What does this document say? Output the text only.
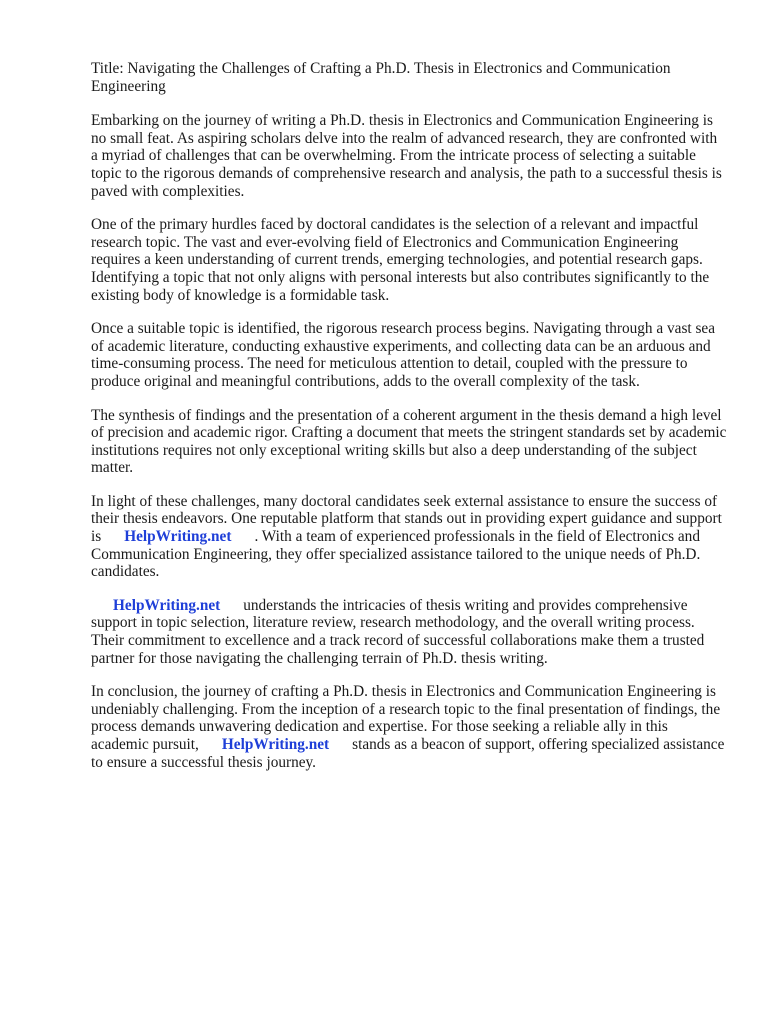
Title: Navigating the Challenges of Crafting a Ph.D. Thesis in Electronics and Communication Engineering

Embarking on the journey of writing a Ph.D. thesis in Electronics and Communication Engineering is no small feat. As aspiring scholars delve into the realm of advanced research, they are confronted with a myriad of challenges that can be overwhelming. From the intricate process of selecting a suitable topic to the rigorous demands of comprehensive research and analysis, the path to a successful thesis is paved with complexities.

One of the primary hurdles faced by doctoral candidates is the selection of a relevant and impactful research topic. The vast and ever-evolving field of Electronics and Communication Engineering requires a keen understanding of current trends, emerging technologies, and potential research gaps. Identifying a topic that not only aligns with personal interests but also contributes significantly to the existing body of knowledge is a formidable task.

Once a suitable topic is identified, the rigorous research process begins. Navigating through a vast sea of academic literature, conducting exhaustive experiments, and collecting data can be an arduous and time-consuming process. The need for meticulous attention to detail, coupled with the pressure to produce original and meaningful contributions, adds to the overall complexity of the task.

The synthesis of findings and the presentation of a coherent argument in the thesis demand a high level of precision and academic rigor. Crafting a document that meets the stringent standards set by academic institutions requires not only exceptional writing skills but also a deep understanding of the subject matter.

In light of these challenges, many doctoral candidates seek external assistance to ensure the success of their thesis endeavors. One reputable platform that stands out in providing expert guidance and support is HelpWriting.net . With a team of experienced professionals in the field of Electronics and Communication Engineering, they offer specialized assistance tailored to the unique needs of Ph.D. candidates.

HelpWriting.net understands the intricacies of thesis writing and provides comprehensive support in topic selection, literature review, research methodology, and the overall writing process. Their commitment to excellence and a track record of successful collaborations make them a trusted partner for those navigating the challenging terrain of Ph.D. thesis writing.

In conclusion, the journey of crafting a Ph.D. thesis in Electronics and Communication Engineering is undeniably challenging. From the inception of a research topic to the final presentation of findings, the process demands unwavering dedication and expertise. For those seeking a reliable ally in this academic pursuit, HelpWriting.net stands as a beacon of support, offering specialized assistance to ensure a successful thesis journey.
